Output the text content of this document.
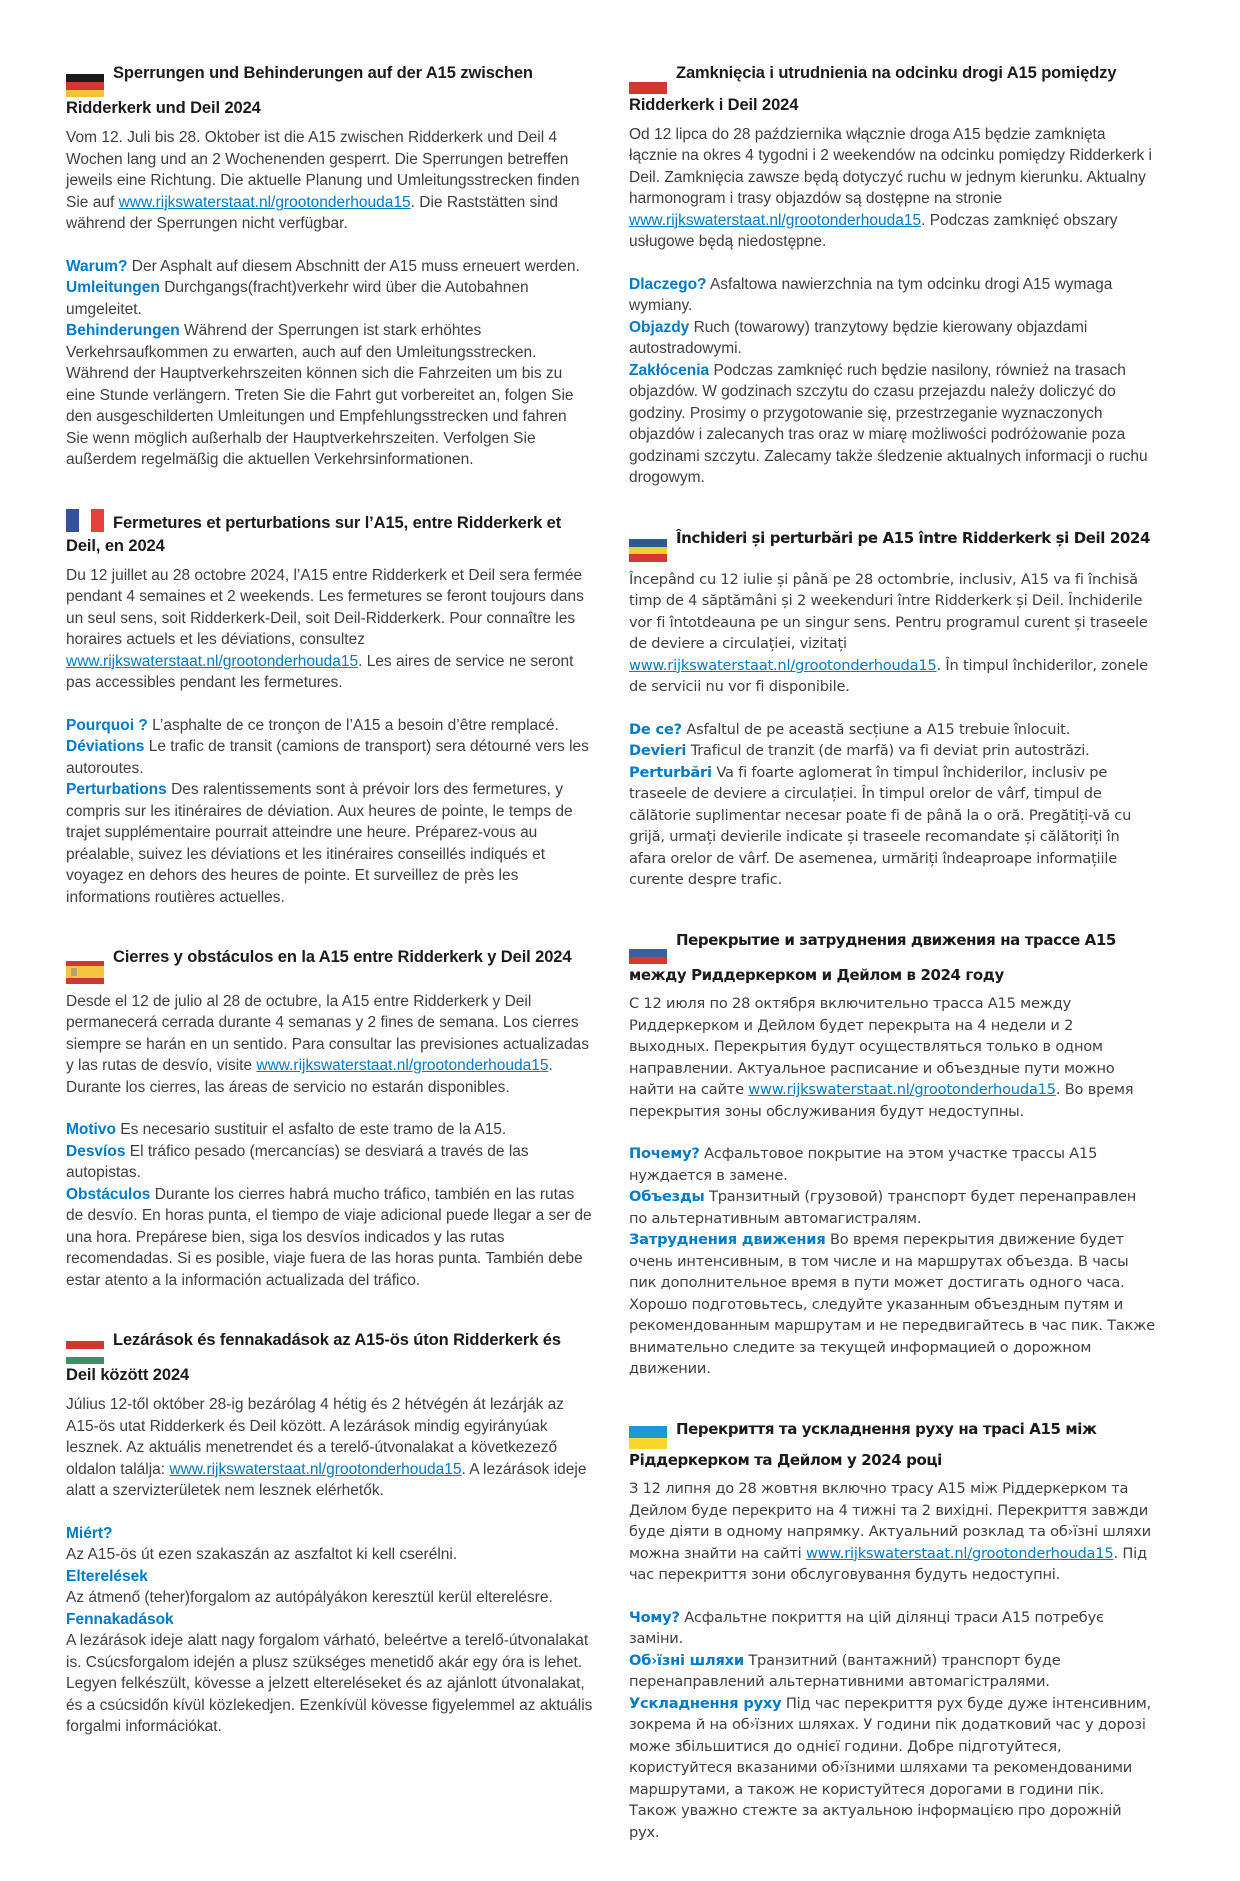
Sperrungen und Behinderungen auf der A15 zwischen Ridderkerk und Deil 2024

Vom 12. Juli bis 28. Oktober ist die A15 zwischen Ridderkerk und Deil 4 Wochen lang und an 2 Wochenenden gesperrt. Die Sperrungen betreffen jeweils eine Richtung. Die aktuelle Planung und Umleitungsstrecken finden Sie auf www.rijkswaterstaat.nl/grootonderhouda15. Die Raststätten sind während der Sperrungen nicht verfügbar.

Warum? Der Asphalt auf diesem Abschnitt der A15 muss erneuert werden.

Umleitungen Durchgangs(fracht)verkehr wird über die Autobahnen umgeleitet.

Behinderungen Während der Sperrungen ist stark erhöhtes Verkehrsaufkommen zu erwarten, auch auf den Umleitungsstrecken. Während der Hauptverkehrszeiten können sich die Fahrzeiten um bis zu eine Stunde verlängern. Treten Sie die Fahrt gut vorbereitet an, folgen Sie den ausgeschilderten Umleitungen und Empfehlungsstrecken und fahren Sie wenn möglich außerhalb der Hauptverkehrszeiten. Verfolgen Sie außerdem regelmäßig die aktuellen Verkehrsinformationen.

Fermetures et perturbations sur l’A15, entre Ridderkerk et Deil, en 2024

Du 12 juillet au 28 octobre 2024, l’A15 entre Ridderkerk et Deil sera fermée pendant 4 semaines et 2 weekends. Les fermetures se feront toujours dans un seul sens, soit Ridderkerk-Deil, soit Deil-Ridderkerk. Pour connaître les horaires actuels et les déviations, consultez www.rijkswaterstaat.nl/grootonderhouda15. Les aires de service ne seront pas accessibles pendant les fermetures.

Pourquoi ? L’asphalte de ce tronçon de l’A15 a besoin d’être remplacé.

Déviations Le trafic de transit (camions de transport) sera détourné vers les autoroutes.

Perturbations Des ralentissements sont à prévoir lors des fermetures, y compris sur les itinéraires de déviation. Aux heures de pointe, le temps de trajet supplémentaire pourrait atteindre une heure. Préparez-vous au préalable, suivez les déviations et les itinéraires conseillés indiqués et voyagez en dehors des heures de pointe. Et surveillez de près les informations routières actuelles.

Cierres y obstáculos en la A15 entre Ridderkerk y Deil 2024

Desde el 12 de julio al 28 de octubre, la A15 entre Ridderkerk y Deil permanecerá cerrada durante 4 semanas y 2 fines de semana. Los cierres siempre se harán en un sentido. Para consultar las previsiones actualizadas y las rutas de desvío, visite www.rijkswaterstaat.nl/grootonderhouda15. Durante los cierres, las áreas de servicio no estarán disponibles.

Motivo Es necesario sustituir el asfalto de este tramo de la A15.

Desvíos El tráfico pesado (mercancías) se desviará a través de las autopistas.

Obstáculos Durante los cierres habrá mucho tráfico, también en las rutas de desvío. En horas punta, el tiempo de viaje adicional puede llegar a ser de una hora. Prepárese bien, siga los desvíos indicados y las rutas recomendadas. Si es posible, viaje fuera de las horas punta. También debe estar atento a la información actualizada del tráfico.

Lezárások és fennakadások az A15-ös úton Ridderkerk és Deil között 2024

Július 12-től október 28-ig bezárólag 4 hétig és 2 hétvégén át lezárják az A15-ös utat Ridderkerk és Deil között. A lezárások mindig egyirányúak lesznek. Az aktuális menetrendet és a terelő-útvonalakat a következező oldalon találja: www.rijkswaterstaat.nl/grootonderhouda15. A lezárások ideje alatt a szervizterületek nem lesznek elérhetők.

Miért?
Az A15-ös út ezen szakaszán az aszfaltot ki kell cserélni.

Elterelések
Az átmenő (teher)forgalom az autópályákon keresztül kerül elterelésre.

Fennakadások
A lezárások ideje alatt nagy forgalom várható, beleértve a terelő-útvonalakat is. Csúcsforgalom idején a plusz szükséges menetidő akár egy óra is lehet. Legyen felkészült, kövesse a jelzett eltereléseket és az ajánlott útvonalakat, és a csúcsidőn kívül közlekedjen. Ezenkívül kövesse figyelemmel az aktuális forgalmi információkat.

Zamknięcia i utrudnienia na odcinku drogi A15 pomiędzy Ridderkerk i Deil 2024

Od 12 lipca do 28 października włącznie droga A15 będzie zamknięta łącznie na okres 4 tygodni i 2 weekendów na odcinku pomiędzy Ridderkerk i Deil. Zamknięcia zawsze będą dotyczyć ruchu w jednym kierunku. Aktualny harmonogram i trasy objazdów są dostępne na stronie www.rijkswaterstaat.nl/grootonderhouda15. Podczas zamknięć obszary usługowe będą niedostępne.

Dlaczego? Asfaltowa nawierzchnia na tym odcinku drogi A15 wymaga wymiany.

Objazdy Ruch (towarowy) tranzytowy będzie kierowany objazdami autostradowymi.

Zakłócenia Podczas zamknięć ruch będzie nasilony, również na trasach objazdów. W godzinach szczytu do czasu przejazdu należy doliczyć do godziny. Prosimy o przygotowanie się, przestrzeganie wyznaczonych objazdów i zalecanych tras oraz w miarę możliwości podróżowanie poza godzinami szczytu. Zalecamy także śledzenie aktualnych informacji o ruchu drogowym.

Închideri și perturbări pe A15 între Ridderkerk și Deil 2024

Începând cu 12 iulie și până pe 28 octombrie, inclusiv, A15 va fi închisă timp de 4 săptămâni și 2 weekenduri între Ridderkerk și Deil. Închiderile vor fi întotdeauna pe un singur sens. Pentru programul curent și traseele de deviere a circulației, vizitați www.rijkswaterstaat.nl/grootonderhouda15. În timpul închiderilor, zonele de servicii nu vor fi disponibile.

De ce? Asfaltul de pe această secțiune a A15 trebuie înlocuit.

Devieri Traficul de tranzit (de marfă) va fi deviat prin autostrăzi.

Perturbări Va fi foarte aglomerat în timpul închiderilor, inclusiv pe traseele de deviere a circulației. În timpul orelor de vârf, timpul de călătorie suplimentar necesar poate fi de până la o oră. Pregătiți-vă cu grijă, urmați devierile indicate și traseele recomandate și călătoriți în afara orelor de vârf. De asemenea, urmăriți îndeaproape informațiile curente despre trafic.

Перекрытие и затруднения движения на трассе А15 между Риддеркерком и Дейлом в 2024 году

С 12 июля по 28 октября включительно трасса А15 между Риддеркерком и Дейлом будет перекрыта на 4 недели и 2 выходных. Перекрытия будут осуществляться только в одном направлении. Актуальное расписание и объездные пути можно найти на сайте www.rijkswaterstaat.nl/grootonderhouda15. Во время перекрытия зоны обслуживания будут недоступны.

Почему? Асфальтовое покрытие на этом участке трассы А15 нуждается в замене.

Объезды Транзитный (грузовой) транспорт будет перенаправлен по альтернативным автомагистралям.

Затруднения движения Во время перекрытия движение будет очень интенсивным, в том числе и на маршрутах объезда. В часы пик дополнительное время в пути может достигать одного часа. Хорошо подготовьтесь, следуйте указанным объездным путям и рекомендованным маршрутам и не передвигайтесь в час пик. Также внимательно следите за текущей информацией о дорожном движении.

Перекриття та ускладнення руху на трасі А15 між Ріддеркерком та Дейлом у 2024 році

З 12 липня до 28 жовтня включно трасу А15 між Ріддеркерком та Дейлом буде перекрито на 4 тижні та 2 вихідні. Перекриття завжди буде діяти в одному напрямку. Актуальний розклад та об›їзні шляхи можна знайти на сайті www.rijkswaterstaat.nl/grootonderhouda15. Під час перекриття зони обслуговування будуть недоступні.

Чому? Асфальтне покриття на цій ділянці траси А15 потребує заміни.

Об›їзні шляхи Транзитний (вантажний) транспорт буде перенаправлений альтернативними автомагістралями.

Ускладнення руху Під час перекриття рух буде дуже інтенсивним, зокрема й на об›їзних шляхах. У години пік додатковий час у дорозі може збільшитися до однієї години. Добре підготуйтеся, користуйтеся вказаними об›їзними шляхами та рекомендованими маршрутами, а також не користуйтеся дорогами в години пік. Також уважно стежте за актуальною інформацією про дорожній рух.
